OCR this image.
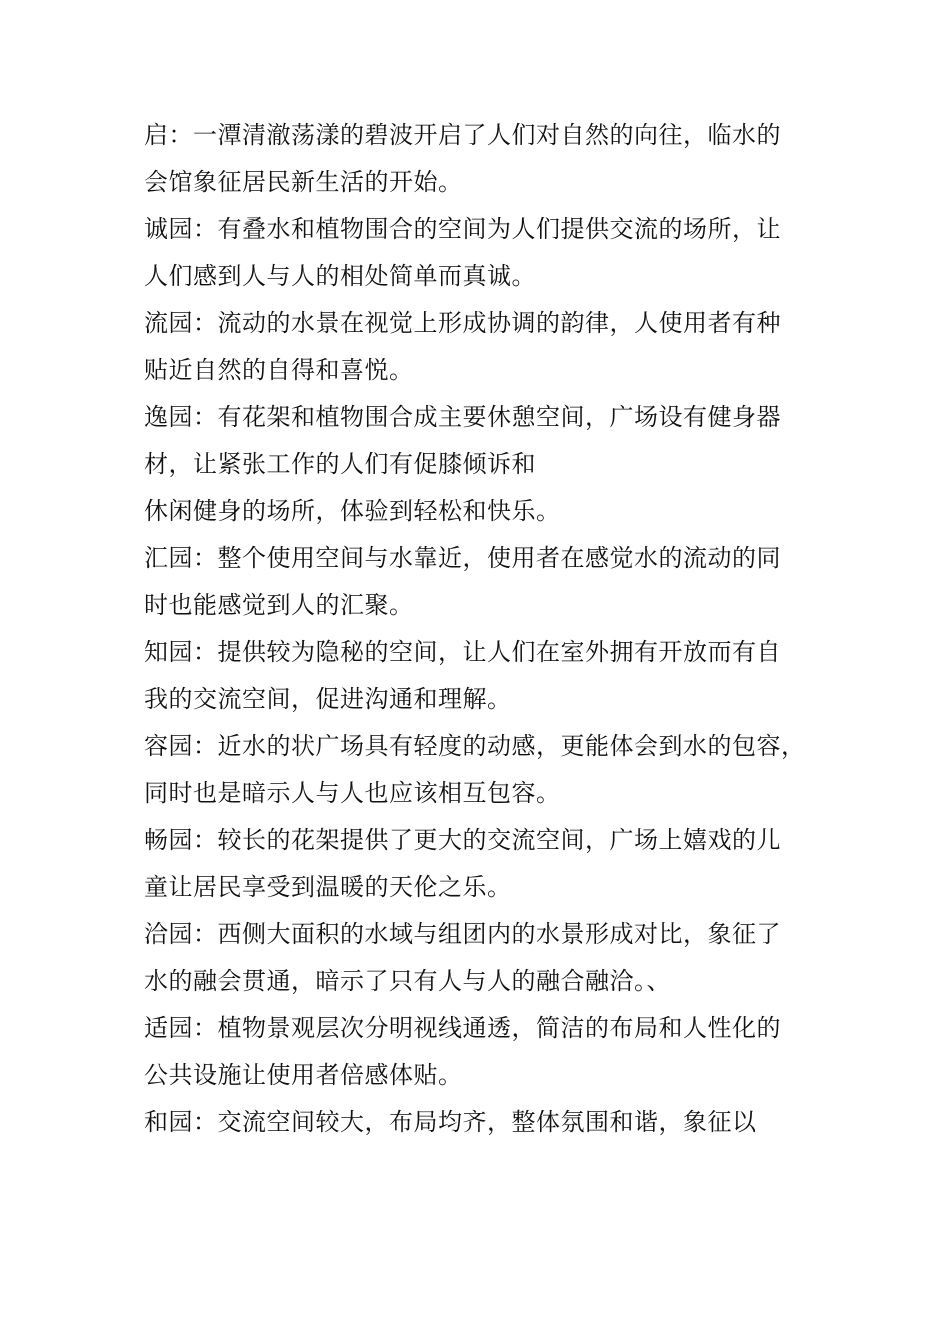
启：一潭清澈荡漾的碧波开启了人们对自然的向往，临水的
会馆象征居民新生活的开始。

诚园：有叠水和植物围合的空间为人们提供交流的场所，让
人们感到人与人的相处简单而真诚。

流园：流动的水景在视觉上形成协调的韵律，人使用者有种
贴近自然的自得和喜悦。

逸园：有花架和植物围合成主要休憩空间，广场设有健身器
材，让紧张工作的人们有促膝倾诉和
休闲健身的场所，体验到轻松和快乐。

汇园：整个使用空间与水靠近，使用者在感觉水的流动的同
时也能感觉到人的汇聚。

知园：提供较为隐秘的空间，让人们在室外拥有开放而有自
我的交流空间，促进沟通和理解。

容园：近水的状广场具有轻度的动感，更能体会到水的包容，
同时也是暗示人与人也应该相互包容。

畅园：较长的花架提供了更大的交流空间，广场上嬉戏的儿
童让居民享受到温暖的天伦之乐。

洽园：西侧大面积的水域与组团内的水景形成对比，象征了
水的融会贯通，暗示了只有人与人的融合融洽。、

适园：植物景观层次分明视线通透，简洁的布局和人性化的
公共设施让使用者倍感体贴。

和园：交流空间较大，布局均齐，整体氛围和谐，象征以
